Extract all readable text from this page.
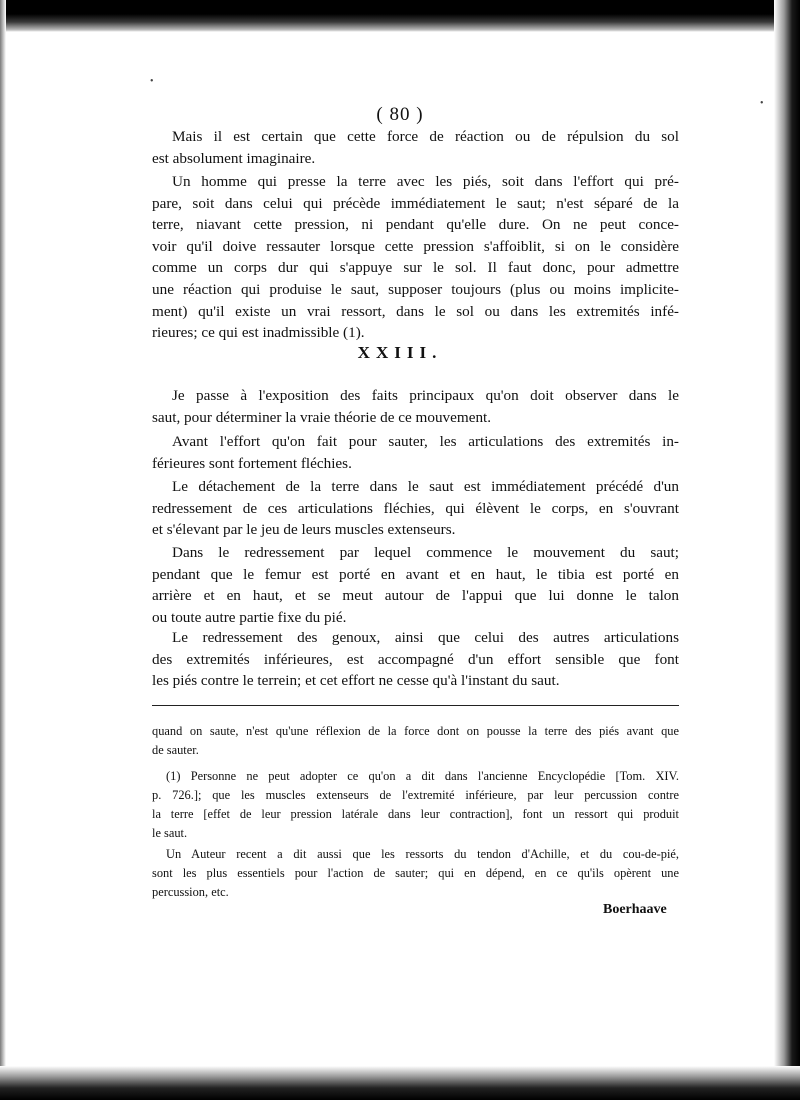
•
•
( 80 )
Mais il est certain que cette force de réaction ou de répulsion du sol
est absolument imaginaire.
Un homme qui presse la terre avec les piés, soit dans l'effort qui pré-
pare, soit dans celui qui précède immédiatement le saut; n'est séparé de la
terre, niavant cette pression, ni pendant qu'elle dure. On ne peut conce-
voir qu'il doive ressauter lorsque cette pression s'affoiblit, si on le considère
comme un corps dur qui s'appuye sur le sol. Il faut donc, pour admettre
une réaction qui produise le saut, supposer toujours (plus ou moins implicite-
ment) qu'il existe un vrai ressort, dans le sol ou dans les extremités infé-
rieures; ce qui est inadmissible (1).
XXIII.
Je passe à l'exposition des faits principaux qu'on doit observer dans le
saut, pour déterminer la vraie théorie de ce mouvement.
Avant l'effort qu'on fait pour sauter, les articulations des extremités in-
férieures sont fortement fléchies.
Le détachement de la terre dans le saut est immédiatement précédé d'un
redressement de ces articulations fléchies, qui élèvent le corps, en s'ouvrant
et s'élevant par le jeu de leurs muscles extenseurs.
Dans le redressement par lequel commence le mouvement du saut;
pendant que le femur est porté en avant et en haut, le tibia est porté en
arrière et en haut, et se meut autour de l'appui que lui donne le talon
ou toute autre partie fixe du pié.
Le redressement des genoux, ainsi que celui des autres articulations
des extremités inférieures, est accompagné d'un effort sensible que font
les piés contre le terrein; et cet effort ne cesse qu'à l'instant du saut.
quand on saute, n'est qu'une réflexion de la force dont on pousse la terre des piés avant que
de sauter.
(1) Personne ne peut adopter ce qu'on a dit dans l'ancienne Encyclopédie [Tom. XIV.
p. 726.]; que les muscles extenseurs de l'extremité inférieure, par leur percussion contre
la terre [effet de leur pression latérale dans leur contraction], font un ressort qui produit
le saut.
Un Auteur recent a dit aussi que les ressorts du tendon d'Achille, et du cou-de-pié,
sont les plus essentiels pour l'action de sauter; qui en dépend, en ce qu'ils opèrent une
percussion, etc.
Boerhaave
